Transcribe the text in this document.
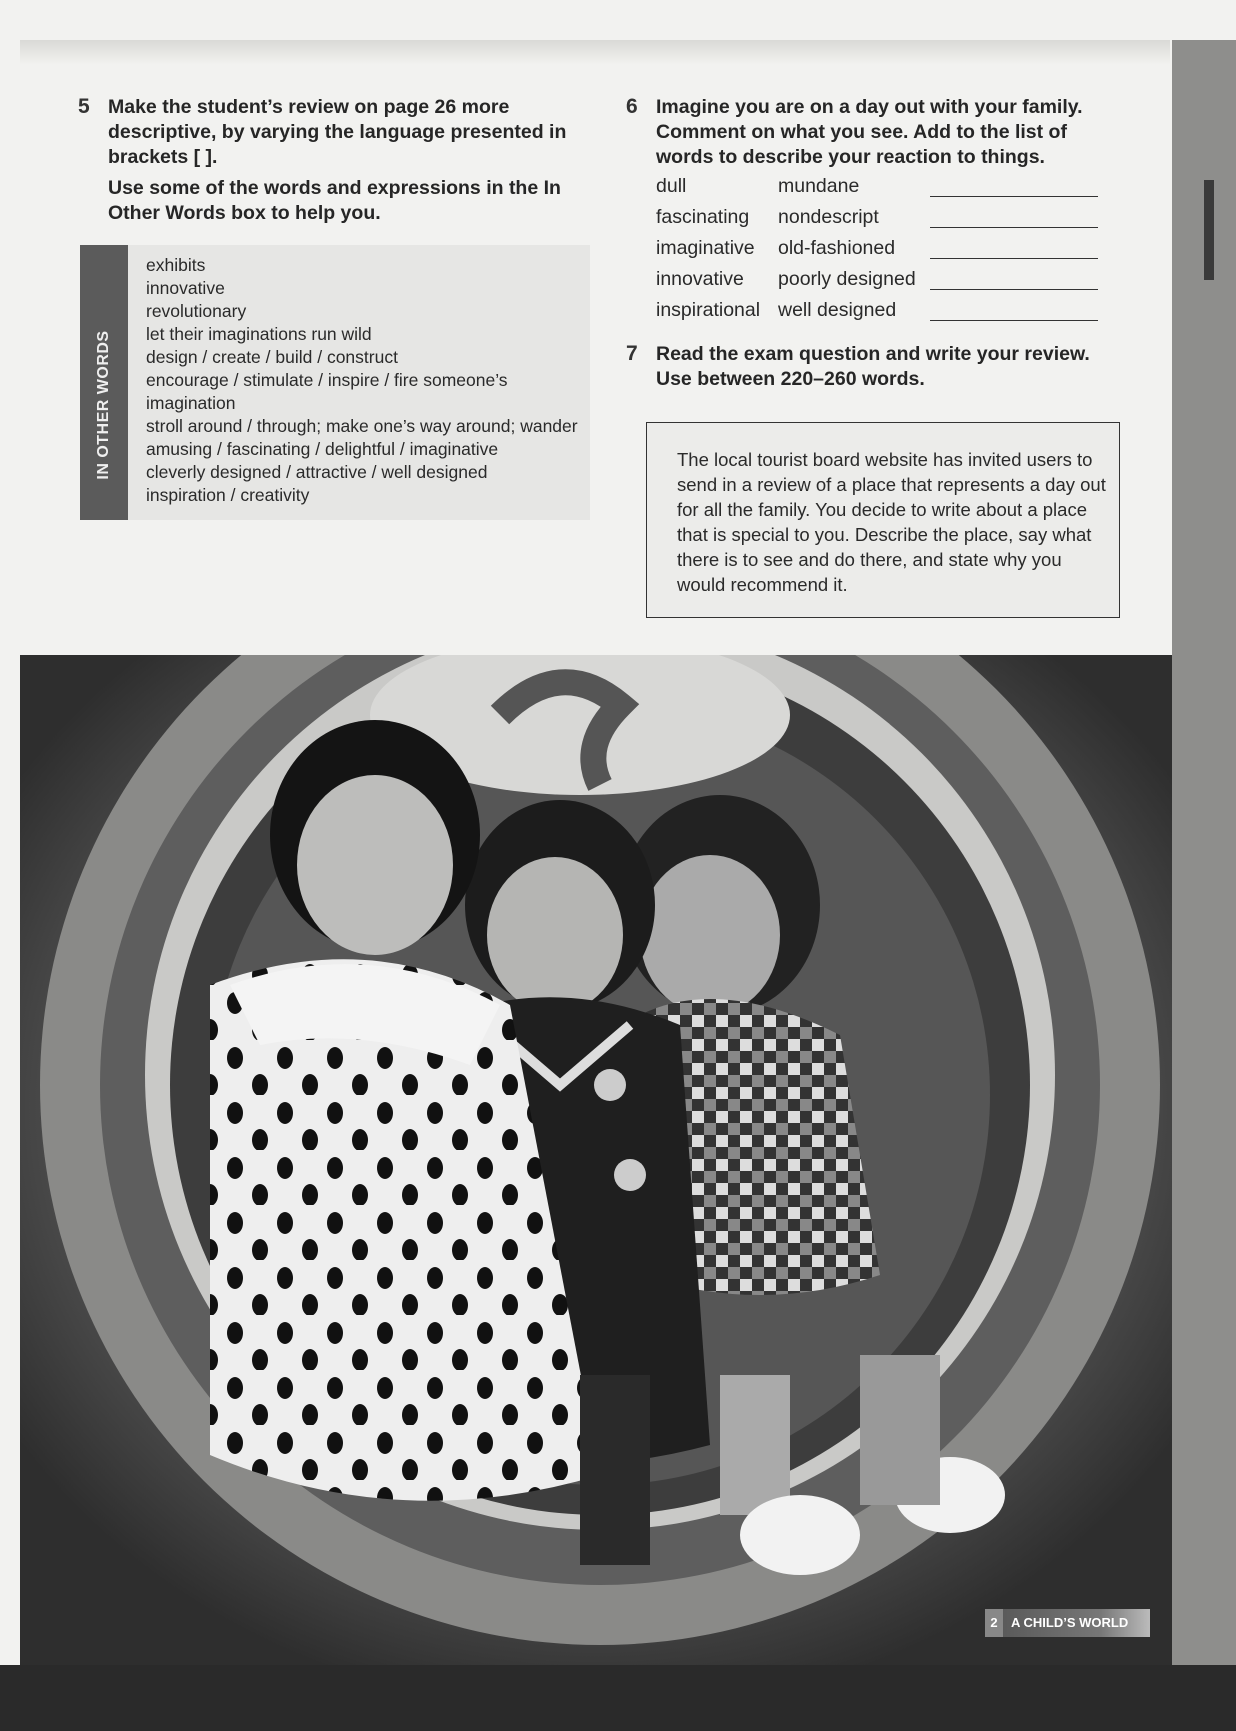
5 Make the student’s review on page 26 more descriptive, by varying the language presented in brackets [ ].

Use some of the words and expressions in the In Other Words box to help you.

IN OTHER WORDS
exhibits
innovative
revolutionary
let their imaginations run wild
design / create / build / construct
encourage / stimulate / inspire / fire someone’s
imagination
stroll around / through; make one’s way around; wander
amusing / fascinating / delightful / imaginative
cleverly designed / attractive / well designed
inspiration / creativity
6 Imagine you are on a day out with your family. Comment on what you see. Add to the list of words to describe your reaction to things.

dull	mundane
fascinating nondescript
imaginative old-fashioned
innovative poorly designed
inspirational well designed
7 Read the exam question and write your review. Use between 220–260 words.

The local tourist board website has invited users to send in a review of a place that represents a day out for all the family. You decide to write about a place that is special to you. Describe the place, say what there is to see and do there, and state why you would recommend it.

2 A CHILD’S WORLD
